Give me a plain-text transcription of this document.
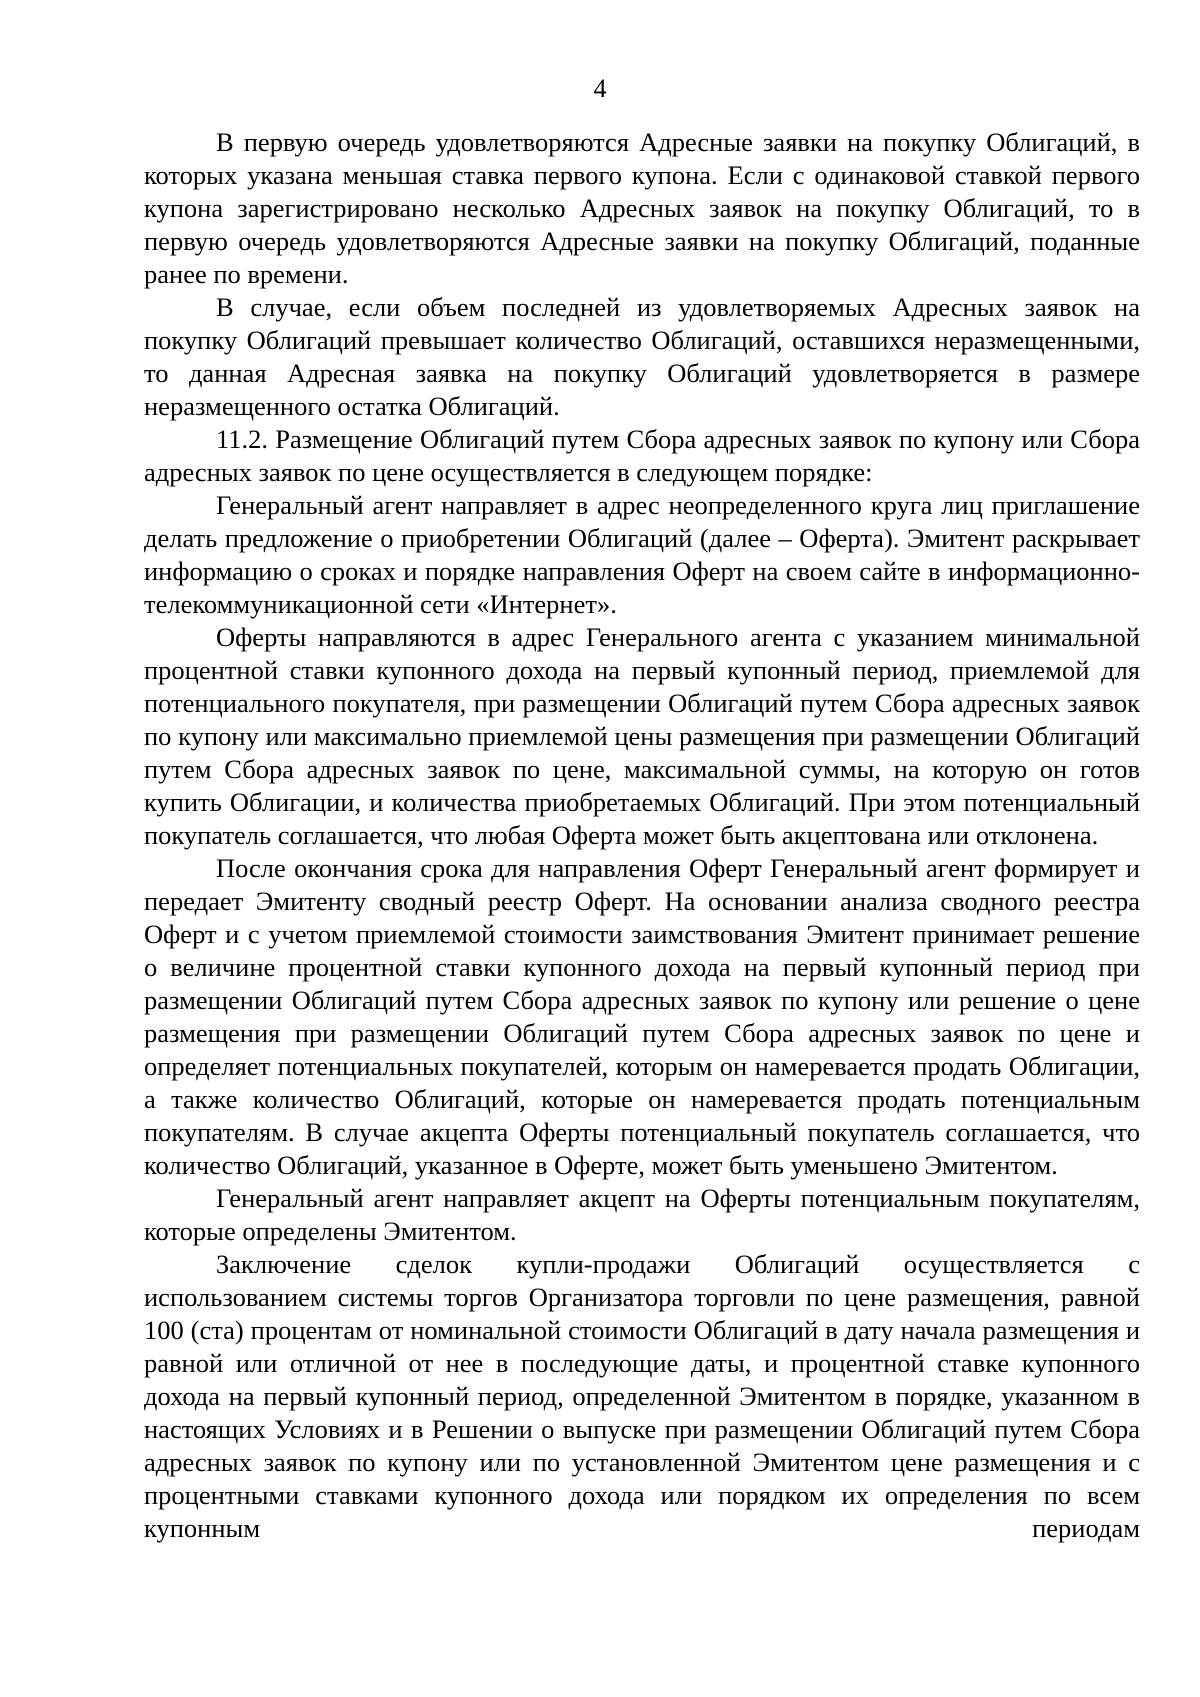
4

В первую очередь удовлетворяются Адресные заявки на покупку Облигаций, в которых указана меньшая ставка первого купона. Если с одинаковой ставкой первого купона зарегистрировано несколько Адресных заявок на покупку Облигаций, то в первую очередь удовлетворяются Адресные заявки на покупку Облигаций, поданные ранее по времени.

В случае, если объем последней из удовлетворяемых Адресных заявок на покупку Облигаций превышает количество Облигаций, оставшихся неразмещенными, то данная Адресная заявка на покупку Облигаций удовлетворяется в размере неразмещенного остатка Облигаций.

11.2. Размещение Облигаций путем Сбора адресных заявок по купону или Сбора адресных заявок по цене осуществляется в следующем порядке:

Генеральный агент направляет в адрес неопределенного круга лиц приглашение делать предложение о приобретении Облигаций (далее – Оферта). Эмитент раскрывает информацию о сроках и порядке направления Оферт на своем сайте в информационно-телекоммуникационной сети «Интернет».

Оферты направляются в адрес Генерального агента с указанием минимальной процентной ставки купонного дохода на первый купонный период, приемлемой для потенциального покупателя, при размещении Облигаций путем Сбора адресных заявок по купону или максимально приемлемой цены размещения при размещении Облигаций путем Сбора адресных заявок по цене, максимальной суммы, на которую он готов купить Облигации, и количества приобретаемых Облигаций. При этом потенциальный покупатель соглашается, что любая Оферта может быть акцептована или отклонена.

После окончания срока для направления Оферт Генеральный агент формирует и передает Эмитенту сводный реестр Оферт. На основании анализа сводного реестра Оферт и с учетом приемлемой стоимости заимствования Эмитент принимает решение о величине процентной ставки купонного дохода на первый купонный период при размещении Облигаций путем Сбора адресных заявок по купону или решение о цене размещения при размещении Облигаций путем Сбора адресных заявок по цене и определяет потенциальных покупателей, которым он намеревается продать Облигации, а также количество Облигаций, которые он намеревается продать потенциальным покупателям. В случае акцепта Оферты потенциальный покупатель соглашается, что количество Облигаций, указанное в Оферте, может быть уменьшено Эмитентом.

Генеральный агент направляет акцепт на Оферты потенциальным покупателям, которые определены Эмитентом.

Заключение сделок купли-продажи Облигаций осуществляется с использованием системы торгов Организатора торговли по цене размещения, равной 100 (ста) процентам от номинальной стоимости Облигаций в дату начала размещения и равной или отличной от нее в последующие даты, и процентной ставке купонного дохода на первый купонный период, определенной Эмитентом в порядке, указанном в настоящих Условиях и в Решении о выпуске при размещении Облигаций путем Сбора адресных заявок по купону или по установленной Эмитентом цене размещения и с процентными ставками купонного дохода или порядком их определения по всем купонным периодам
